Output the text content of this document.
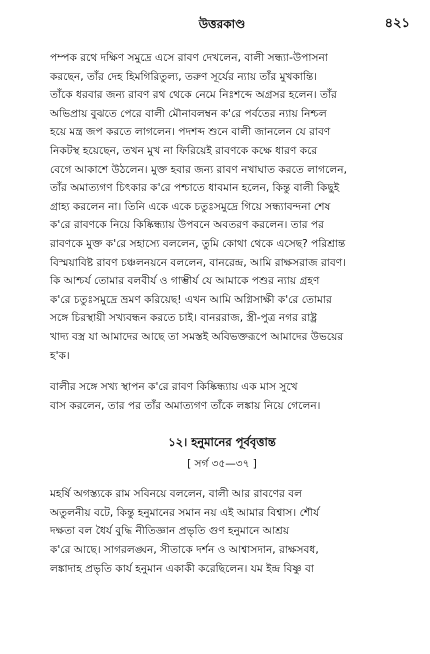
উত্তরকাণ্ড	৪২১

পম্পক রথে দক্ষিণ সমুদ্রে এসে রাবণ দেখলেন, বালী সন্ধ্যা-উপাসনা
করছেন, তাঁর দেহ হিমগিরিতুল্য, তরুণ সূর্যের ন্যায় তাঁর মুখকান্তি।
তাঁকে ধরবার জন্য রাবণ রথ থেকে নেমে নিঃশব্দে অগ্রসর হলেন। তাঁর
অভিপ্রায় বুঝতে পেরে বালী মৌনাবলম্বন ক'রে পর্বতের ন্যায় নিশ্চল
হয়ে মন্ত্র জপ করতে লাগলেন। পদশব্দ শুনে বালী জানলেন যে রাবণ
নিকটস্থ হয়েছেন, তখন মুখ না ফিরিয়েই রাবণকে কক্ষে ধারণ করে
বেগে আকাশে উঠলেন। মুক্ত হবার জন্য রাবণ নখাঘাত করতে লাগলেন,
তাঁর অমাত্যগণ চিৎকার ক'রে পশ্চাতে ধাবমান হলেন, কিন্তু বালী কিছুই
গ্রাহ্য করলেন না। তিনি একে একে চতুঃসমুদ্রে গিয়ে সন্ধ্যাবন্দনা শেষ
ক'রে রাবণকে নিয়ে কিষ্কিন্ধ্যায় উপবনে অবতরণ করলেন। তার পর
রাবণকে মুক্ত ক'রে সহাস্যে বললেন, তুমি কোথা থেকে এসেছ? পরিশ্রান্ত
বিস্ময়াবিষ্ট রাবণ চঞ্চলনয়নে বললেন, বানরেন্দ্র, আমি রাক্ষসরাজ রাবণ।
কি আশ্চর্য তোমার বলবীর্য ও গাম্ভীর্য যে আমাকে পশুর ন্যায় গ্রহণ
ক'রে চতুঃসমুদ্রে ভ্রমণ করিয়েছ! এখন আমি অগ্নিসাক্ষী ক'রে তোমার
সঙ্গে চিরস্থায়ী সখ্যবন্ধন করতে চাই। বানররাজ, স্ত্রী-পুত্র নগর রাষ্ট্র
খাদ্য বস্ত্র যা আমাদের আছে তা সমস্তই অবিভক্তরূপে আমাদের উভয়ের
হ'ক।

বালীর সঙ্গে সখ্য স্থাপন ক'রে রাবণ কিষ্কিন্ধ্যায় এক মাস সুখে
বাস করলেন, তার পর তাঁর অমাত্যগণ তাঁকে লঙ্কায় নিয়ে গেলেন।

১২। হনুমানের পূর্ববৃত্তান্ত
[ সর্গ ৩৫—৩৭ ]

মহর্ষি অগস্ত্যকে রাম সবিনয়ে বললেন, বালী আর রাবণের বল
অতুলনীয় বটে, কিন্তু হনুমানের সমান নয় এই আমার বিশ্বাস। শৌর্য
দক্ষতা বল ধৈর্য বুদ্ধি নীতিজ্ঞান প্রভৃতি গুণ হনুমানে আশ্রয়
ক'রে আছে। সাগরলঙ্ঘন, সীতাকে দর্শন ও আশ্বাসদান, রাক্ষসবধ,
লঙ্কাদাহ প্রভৃতি কার্য হনুমান একাকী করেছিলেন। যম ইন্দ্র বিষ্ণু বা
